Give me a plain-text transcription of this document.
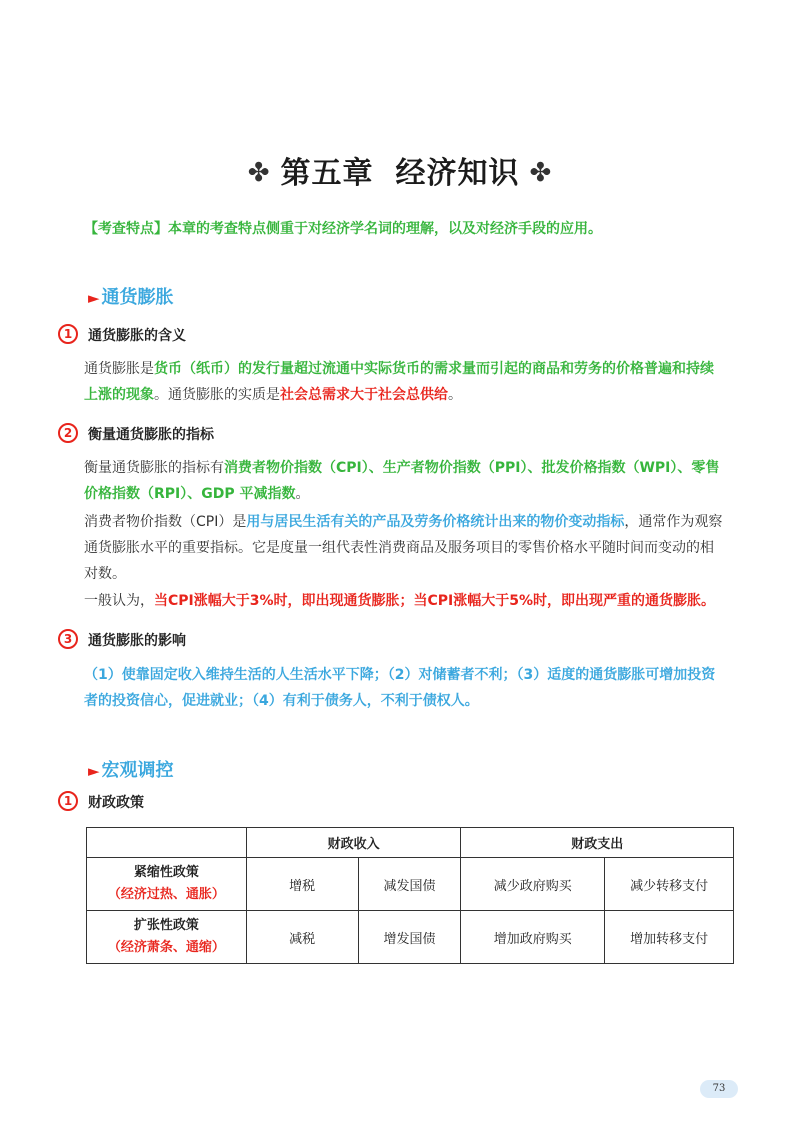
✤ 第五章 经济知识 ✤
【考查特点】本章的考查特点侧重于对经济学名词的理解，以及对经济手段的应用。
► 通货膨胀
1 通货膨胀的含义
通货膨胀是货币（纸币）的发行量超过流通中实际货币的需求量而引起的商品和劳务的价格普遍和持续上涨的现象。通货膨胀的实质是社会总需求大于社会总供给。
2 衡量通货膨胀的指标
衡量通货膨胀的指标有消费者物价指数（CPI）、生产者物价指数（PPI）、批发价格指数（WPI）、零售价格指数（RPI）、GDP 平减指数。
消费者物价指数（CPI）是用与居民生活有关的产品及劳务价格统计出来的物价变动指标，通常作为观察通货膨胀水平的重要指标。它是度量一组代表性消费商品及服务项目的零售价格水平随时间而变动的相对数。
一般认为，当CPI涨幅大于3%时，即出现通货膨胀；当CPI涨幅大于5%时，即出现严重的通货膨胀。
3 通货膨胀的影响
（1）使靠固定收入维持生活的人生活水平下降；（2）对储蓄者不利；（3）适度的通货膨胀可增加投资者的投资信心，促进就业；（4）有利于债务人，不利于债权人。
► 宏观调控
1 财政政策
	财政收入		财政支出	

紧缩性政策
（经济过热、通胀）	增税	减发国债	减少政府购买	减少转移支付

扩张性政策
（经济萧条、通缩）	减税	增发国债	增加政府购买	增加转移支付
73
